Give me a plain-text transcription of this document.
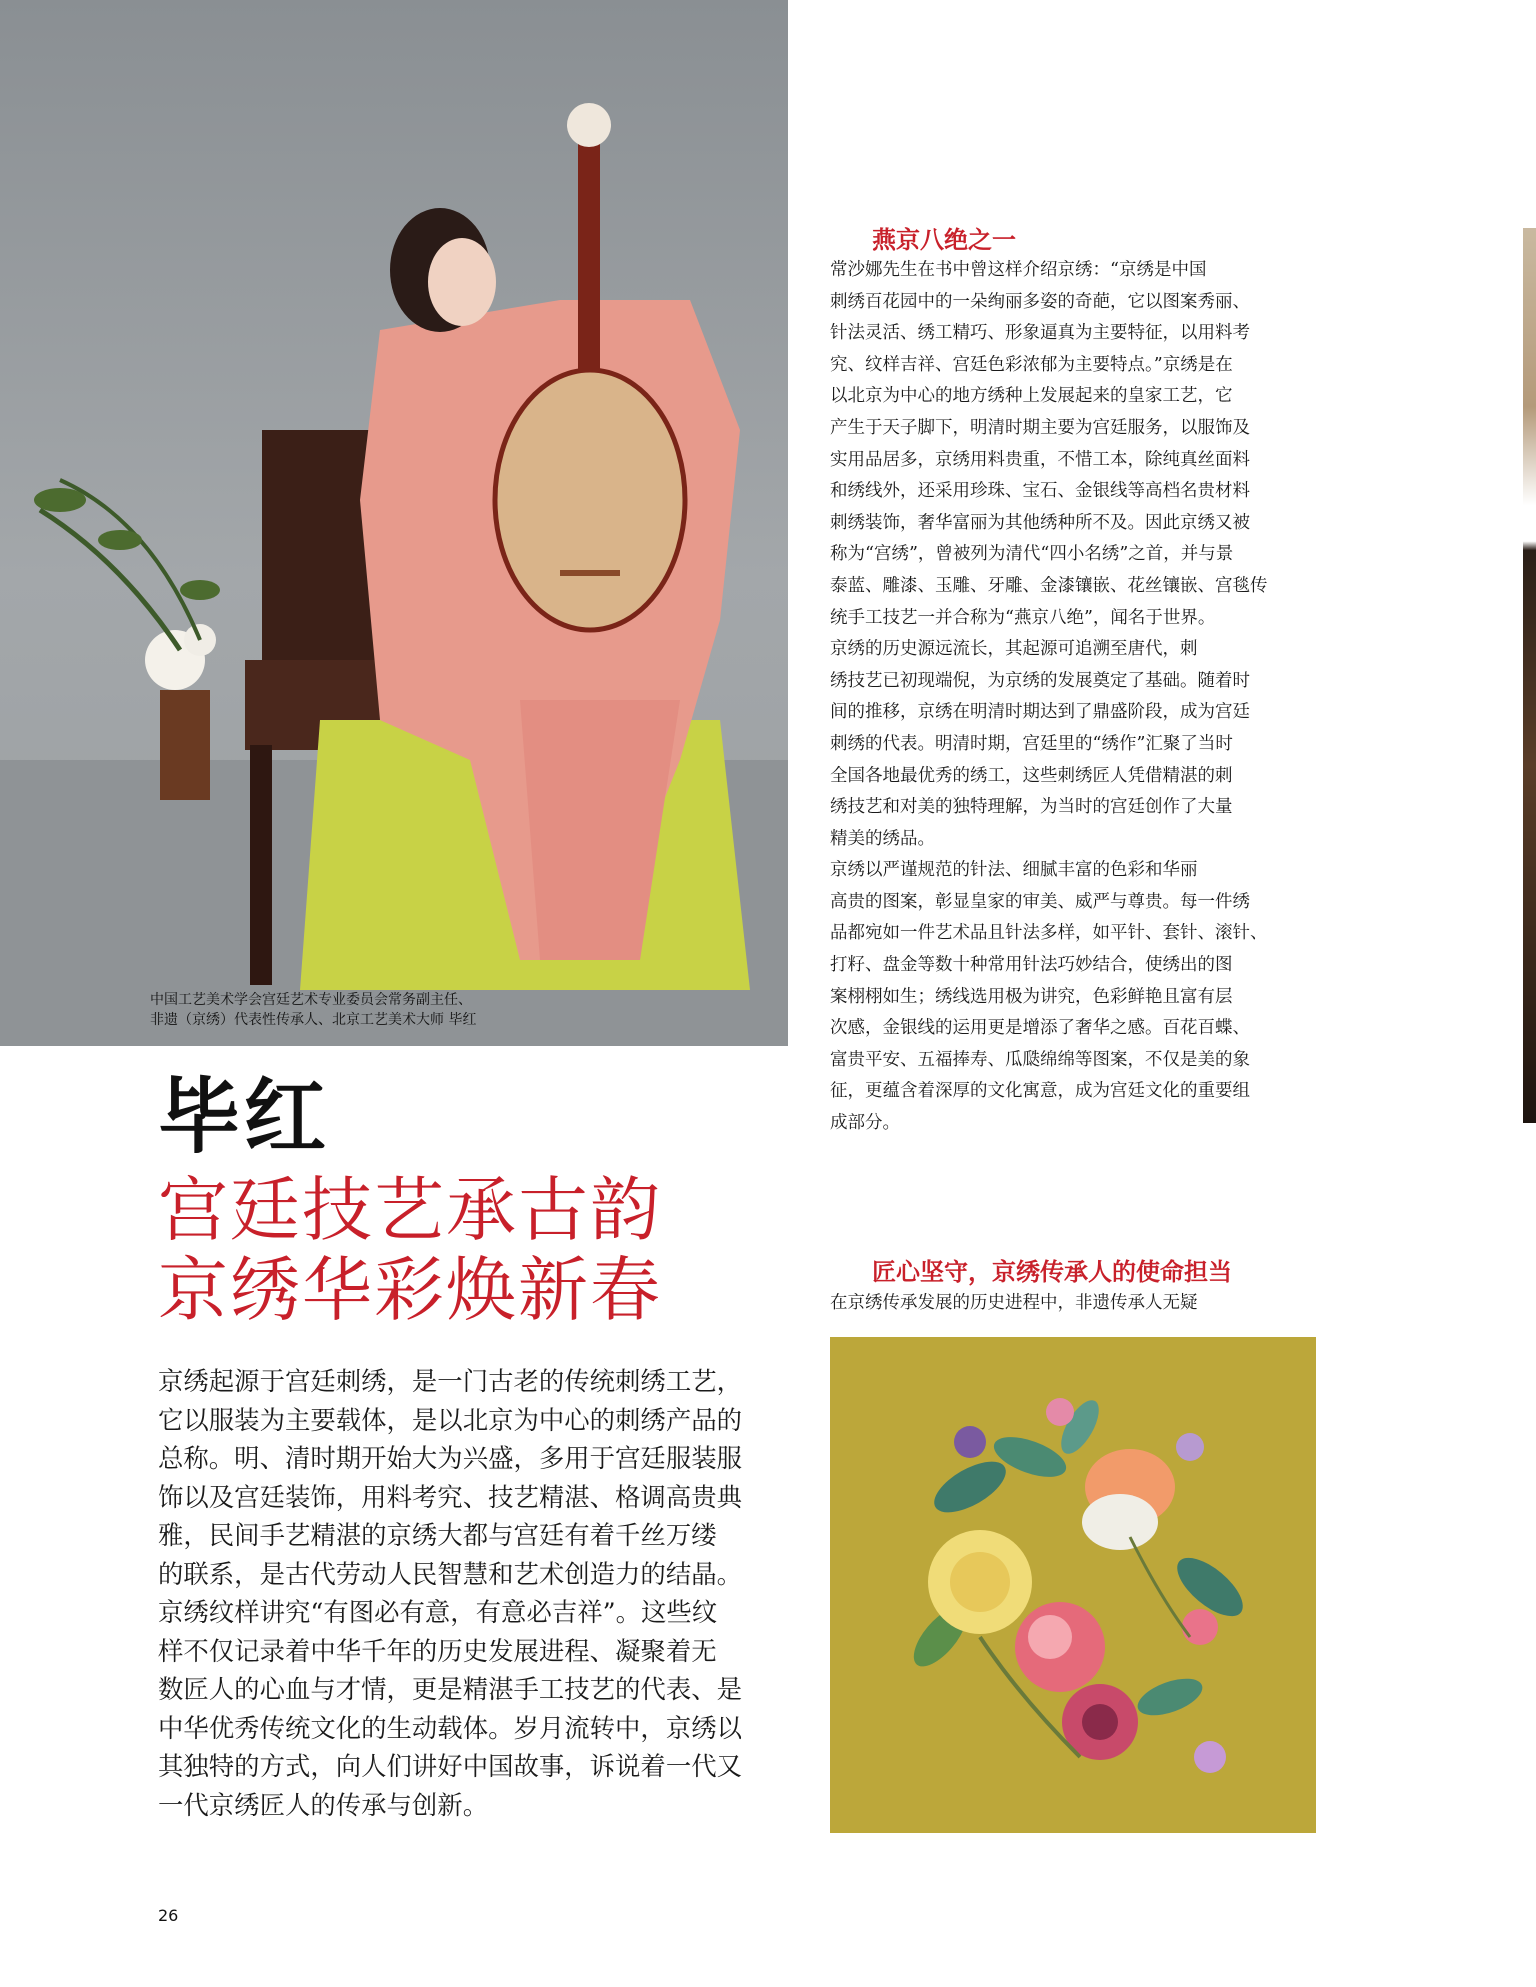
中国工艺美术学会宫廷艺术专业委员会常务副主任、
非遗（京绣）代表性传承人、北京工艺美术大师 毕红
毕红
宫廷技艺承古韵
京绣华彩焕新春
京绣起源于宫廷刺绣，是一门古老的传统刺绣工艺，
它以服装为主要载体，是以北京为中心的刺绣产品的
总称。明、清时期开始大为兴盛，多用于宫廷服装服
饰以及宫廷装饰，用料考究、技艺精湛、格调高贵典
雅，民间手艺精湛的京绣大都与宫廷有着千丝万缕
的联系，是古代劳动人民智慧和艺术创造力的结晶。
京绣纹样讲究“有图必有意，有意必吉祥”。这些纹
样不仅记录着中华千年的历史发展进程、凝聚着无
数匠人的心血与才情，更是精湛手工技艺的代表、是
中华优秀传统文化的生动载体。岁月流转中，京绣以
其独特的方式，向人们讲好中国故事，诉说着一代又
一代京绣匠人的传承与创新。
燕京八绝之一
常沙娜先生在书中曾这样介绍京绣：“京绣是中国
刺绣百花园中的一朵绚丽多姿的奇葩，它以图案秀丽、
针法灵活、绣工精巧、形象逼真为主要特征，以用料考
究、纹样吉祥、宫廷色彩浓郁为主要特点。”京绣是在
以北京为中心的地方绣种上发展起来的皇家工艺，它
产生于天子脚下，明清时期主要为宫廷服务，以服饰及
实用品居多，京绣用料贵重，不惜工本，除纯真丝面料
和绣线外，还采用珍珠、宝石、金银线等高档名贵材料
刺绣装饰，奢华富丽为其他绣种所不及。因此京绣又被
称为“宫绣”，曾被列为清代“四小名绣”之首，并与景
泰蓝、雕漆、玉雕、牙雕、金漆镶嵌、花丝镶嵌、宫毯传
统手工技艺一并合称为“燕京八绝”，闻名于世界。
京绣的历史源远流长，其起源可追溯至唐代，刺
绣技艺已初现端倪，为京绣的发展奠定了基础。随着时
间的推移，京绣在明清时期达到了鼎盛阶段，成为宫廷
刺绣的代表。明清时期，宫廷里的“绣作”汇聚了当时
全国各地最优秀的绣工，这些刺绣匠人凭借精湛的刺
绣技艺和对美的独特理解，为当时的宫廷创作了大量
精美的绣品。
京绣以严谨规范的针法、细腻丰富的色彩和华丽
高贵的图案，彰显皇家的审美、威严与尊贵。每一件绣
品都宛如一件艺术品且针法多样，如平针、套针、滚针、
打籽、盘金等数十种常用针法巧妙结合，使绣出的图
案栩栩如生；绣线选用极为讲究，色彩鲜艳且富有层
次感，金银线的运用更是增添了奢华之感。百花百蝶、
富贵平安、五福捧寿、瓜瓞绵绵等图案，不仅是美的象
征，更蕴含着深厚的文化寓意，成为宫廷文化的重要组
成部分。
匠心坚守，京绣传承人的使命担当
在京绣传承发展的历史进程中，非遗传承人无疑
26
